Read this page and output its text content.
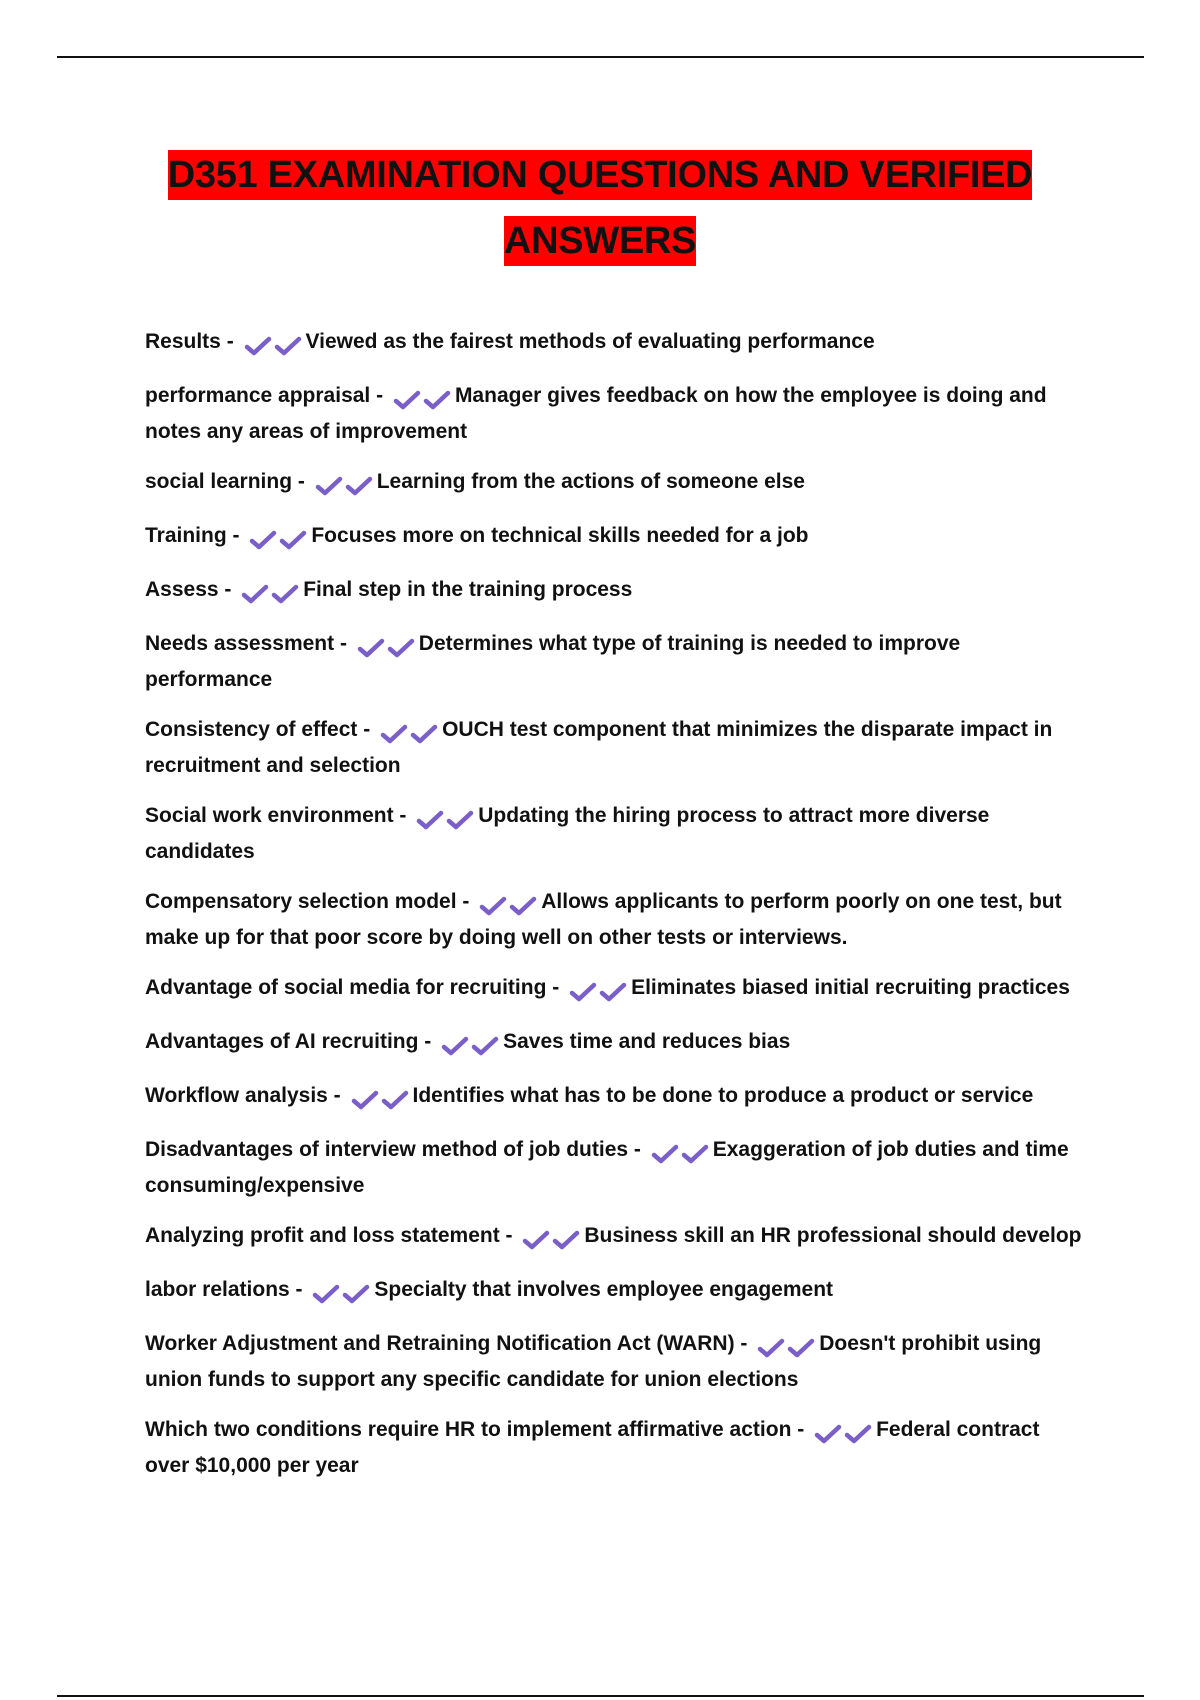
D351 EXAMINATION QUESTIONS AND VERIFIED
ANSWERS
Results -	Viewed as the fairest methods of evaluating performance
performance appraisal -	Manager gives feedback on how the employee is doing and notes any areas of improvement
social learning -	Learning from the actions of someone else
Training -	Focuses more on technical skills needed for a job
Assess -	Final step in the training process
Needs assessment -	Determines what type of training is needed to improve performance
Consistency of effect -	OUCH test component that minimizes the disparate impact in recruitment and selection
Social work environment -	Updating the hiring process to attract more diverse candidates
Compensatory selection model -	Allows applicants to perform poorly on one test, but make up for that poor score by doing well on other tests or interviews.
Advantage of social media for recruiting -	Eliminates biased initial recruiting practices
Advantages of AI recruiting -	Saves time and reduces bias
Workflow analysis -	Identifies what has to be done to produce a product or service
Disadvantages of interview method of job duties -	Exaggeration of job duties and time consuming/expensive
Analyzing profit and loss statement -	Business skill an HR professional should develop
labor relations -	Specialty that involves employee engagement
Worker Adjustment and Retraining Notification Act (WARN) -	Doesn't prohibit using union funds to support any specific candidate for union elections
Which two conditions require HR to implement affirmative action -	Federal contract over $10,000 per year
